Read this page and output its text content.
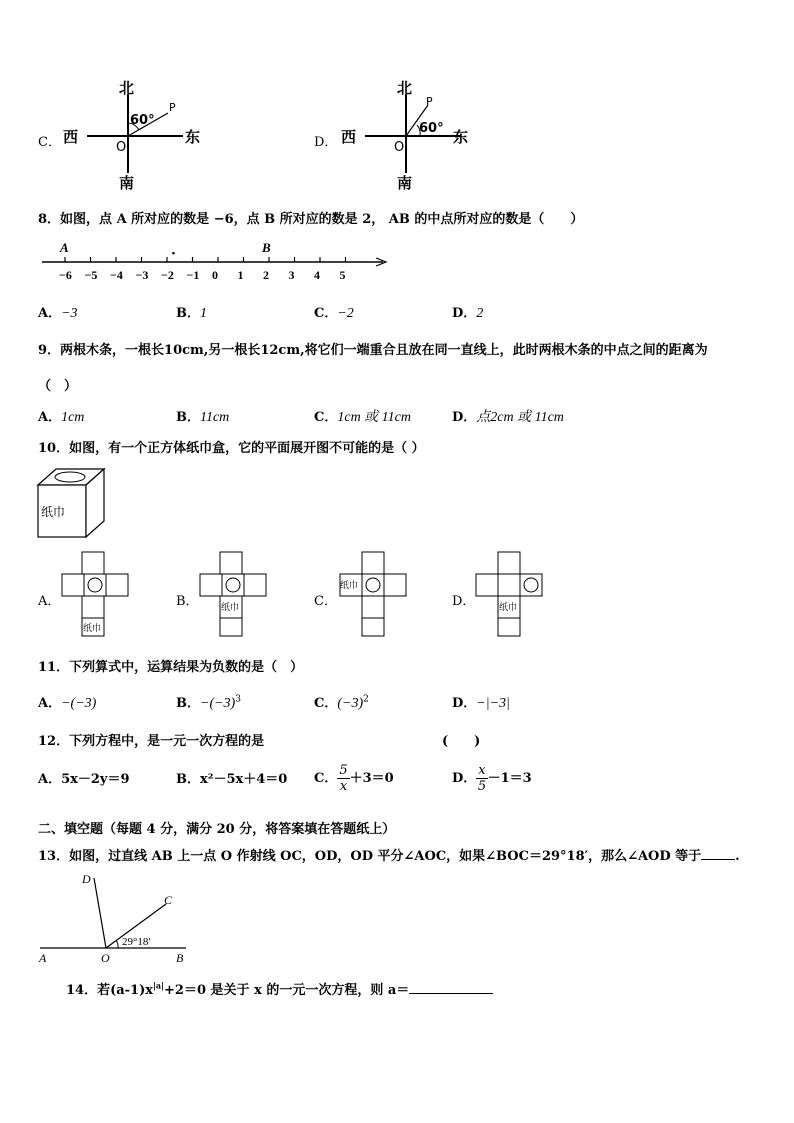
C．
北
南
东
西
O
P
60°
D．
北
南
东
西
O
P
60°
8．如图，点 A 所对应的数是 −6，点 B 所对应的数是 2， AB 的中点所对应的数是（　　）
−6 −5 −4 −3 −2 −1 0 1 2 3 4 5
A	B
·
A．−3	B．1	C．−2	D．2
9．两根木条，一根长10cm,另一根长12cm,将它们一端重合且放在同一直线上，此时两根木条的中点之间的距离为
（　）
A．1cm	B．11cm	C．1cm 或 11cm	D．点2cm 或 11cm
10．如图，有一个正方体纸巾盒，它的平面展开图不可能的是（ ）
纸巾
A．
纸巾
B． 纸巾	C．
纸巾
D．	纸巾
11．下列算式中，运算结果为负数的是（　）
A．−(−3)	B．$-(-3)^3$	C．$(-3)^2$	D．−|−3|
12．下列方程中，是一元一次方程的是	(　　)
A．5x－2y＝9	B．x²－5x＋4＝0 C． $\frac{5}{x} +3=0$	D． $\frac{x}{5} -1=3$
二、填空题（每题 4 分，满分 20 分，将答案填在答题纸上）
13．如图，过直线 AB 上一点 O 作射线 OC，OD，OD 平分∠AOC，如果∠BOC＝29°18′，那么∠AOD 等于	.
A	B
C
D
O
29°18′
14．若$(a-1)x^{|a|}+2=0$ 是关于 x 的一元一次方程，则 a＝
